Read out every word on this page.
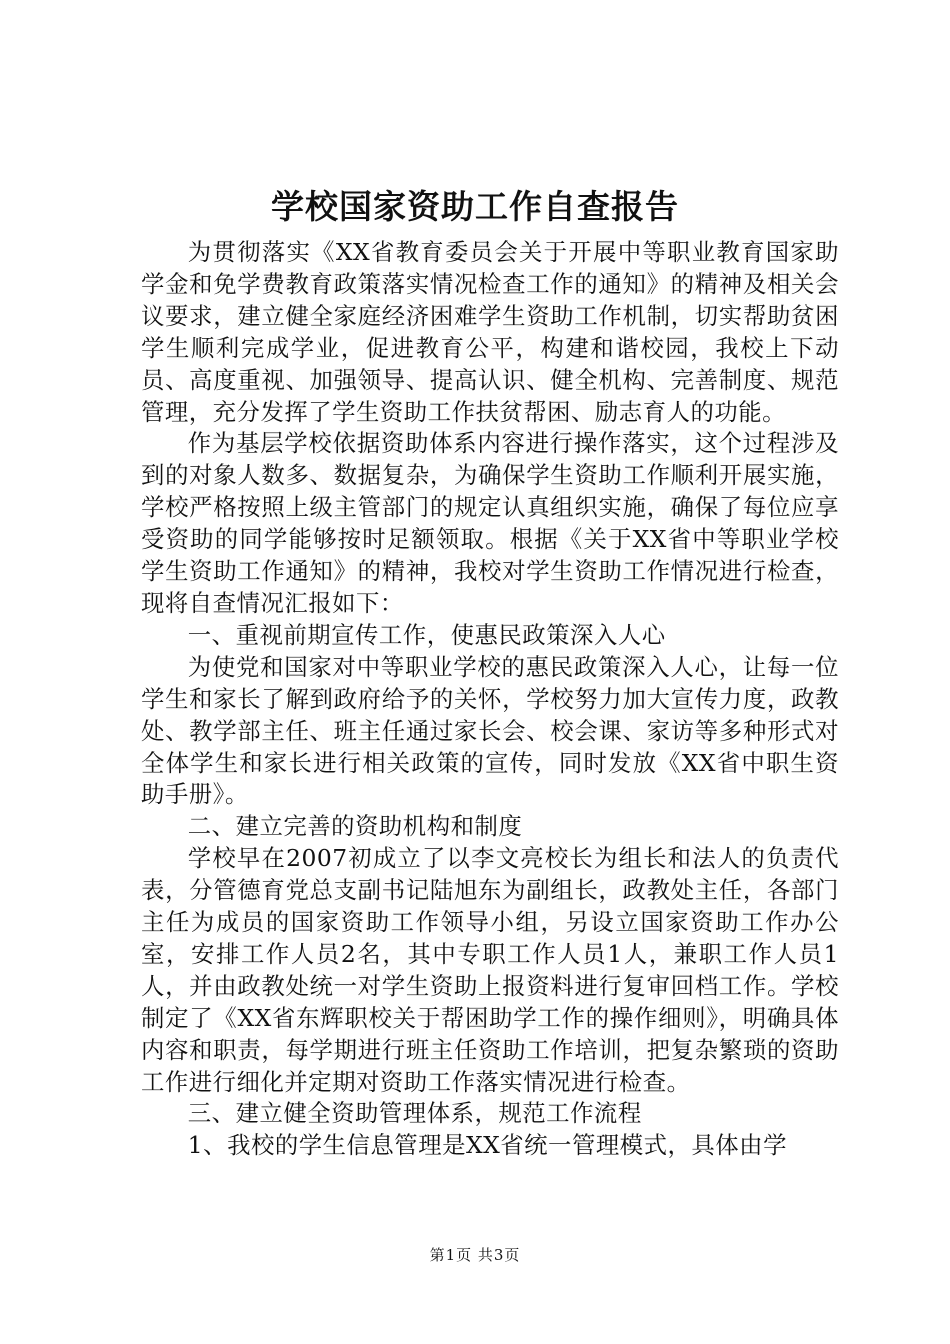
学校国家资助工作自查报告

为贯彻落实《XX省教育委员会关于开展中等职业教育国家助学金和免学费教育政策落实情况检查工作的通知》的精神及相关会议要求，建立健全家庭经济困难学生资助工作机制，切实帮助贫困学生顺利完成学业，促进教育公平，构建和谐校园，我校上下动员、高度重视、加强领导、提高认识、健全机构、完善制度、规范管理，充分发挥了学生资助工作扶贫帮困、励志育人的功能。

作为基层学校依据资助体系内容进行操作落实，这个过程涉及到的对象人数多、数据复杂，为确保学生资助工作顺利开展实施，学校严格按照上级主管部门的规定认真组织实施，确保了每位应享受资助的同学能够按时足额领取。根据《关于XX省中等职业学校学生资助工作通知》的精神，我校对学生资助工作情况进行检查，现将自查情况汇报如下：

一、重视前期宣传工作，使惠民政策深入人心

为使党和国家对中等职业学校的惠民政策深入人心，让每一位学生和家长了解到政府给予的关怀，学校努力加大宣传力度，政教处、教学部主任、班主任通过家长会、校会课、家访等多种形式对全体学生和家长进行相关政策的宣传，同时发放《XX省中职生资助手册》。

二、建立完善的资助机构和制度

学校早在2007初成立了以李文亮校长为组长和法人的负责代表，分管德育党总支副书记陆旭东为副组长，政教处主任，各部门主任为成员的国家资助工作领导小组，另设立国家资助工作办公室，安排工作人员2名，其中专职工作人员1人，兼职工作人员1人，并由政教处统一对学生资助上报资料进行复审回档工作。学校制定了《XX省东辉职校关于帮困助学工作的操作细则》，明确具体内容和职责，每学期进行班主任资助工作培训，把复杂繁琐的资助工作进行细化并定期对资助工作落实情况进行检查。

三、建立健全资助管理体系，规范工作流程

1、我校的学生信息管理是XX省统一管理模式，具体由学

第1页 共3页
